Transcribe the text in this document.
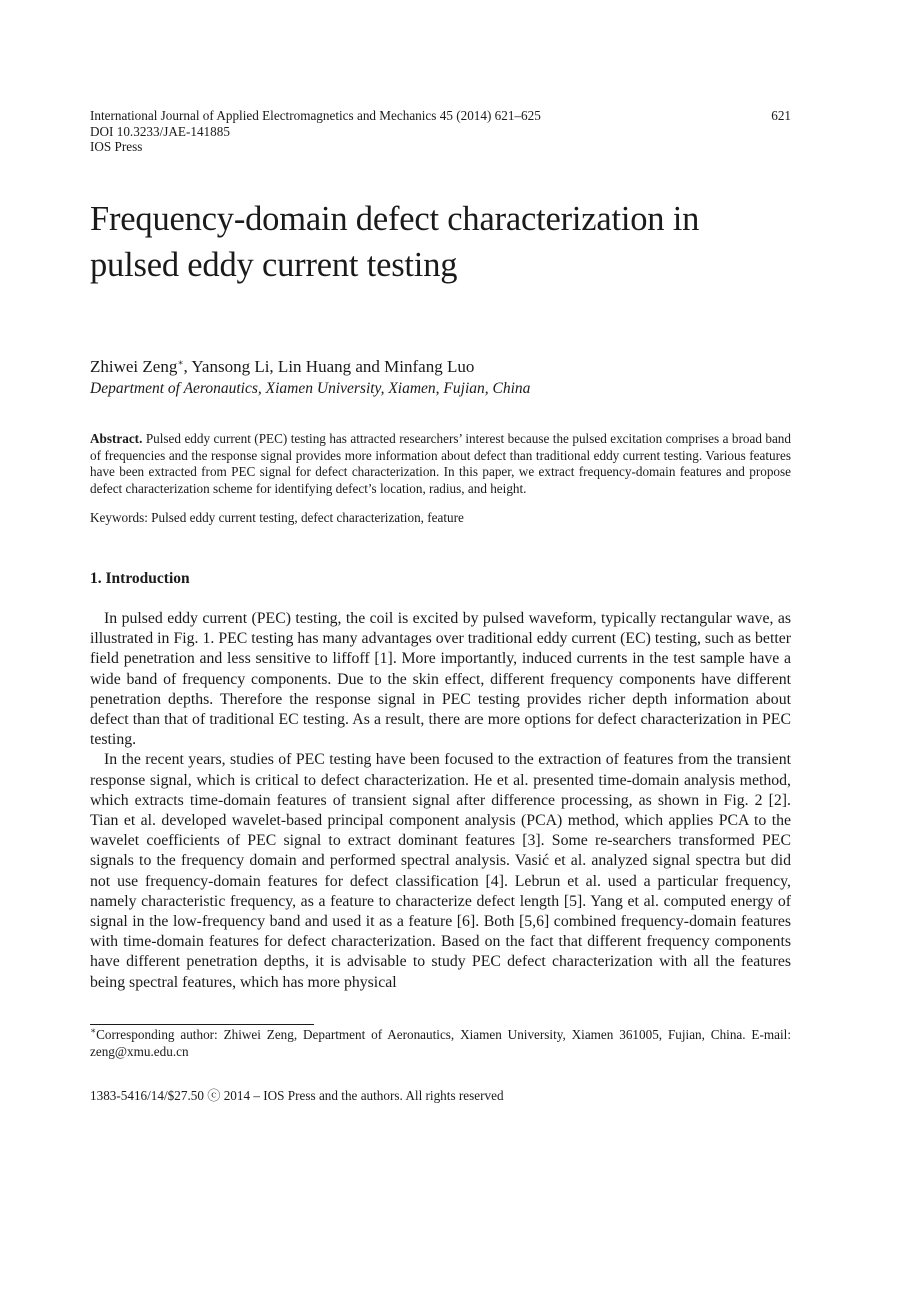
International Journal of Applied Electromagnetics and Mechanics 45 (2014) 621–625	621
DOI 10.3233/JAE-141885
IOS Press
Frequency-domain defect characterization in pulsed eddy current testing
Zhiwei Zeng∗, Yansong Li, Lin Huang and Minfang Luo
Department of Aeronautics, Xiamen University, Xiamen, Fujian, China

Abstract. Pulsed eddy current (PEC) testing has attracted researchers’ interest because the pulsed excitation comprises a broad band of frequencies and the response signal provides more information about defect than traditional eddy current testing. Various features have been extracted from PEC signal for defect characterization. In this paper, we extract frequency-domain features and propose defect characterization scheme for identifying defect’s location, radius, and height.

Keywords: Pulsed eddy current testing, defect characterization, feature
1. Introduction

In pulsed eddy current (PEC) testing, the coil is excited by pulsed waveform, typically rectangular wave, as illustrated in Fig. 1. PEC testing has many advantages over traditional eddy current (EC) testing, such as better field penetration and less sensitive to liffoff [1]. More importantly, induced currents in the test sample have a wide band of frequency components. Due to the skin effect, different frequency components have different penetration depths. Therefore the response signal in PEC testing provides richer depth information about defect than that of traditional EC testing. As a result, there are more options for defect characterization in PEC testing.

In the recent years, studies of PEC testing have been focused to the extraction of features from the transient response signal, which is critical to defect characterization. He et al. presented time-domain analysis method, which extracts time-domain features of transient signal after difference processing, as shown in Fig. 2 [2]. Tian et al. developed wavelet-based principal component analysis (PCA) method, which applies PCA to the wavelet coefficients of PEC signal to extract dominant features [3]. Some re-searchers transformed PEC signals to the frequency domain and performed spectral analysis. Vasić et al. analyzed signal spectra but did not use frequency-domain features for defect classification [4]. Lebrun et al. used a particular frequency, namely characteristic frequency, as a feature to characterize defect length [5]. Yang et al. computed energy of signal in the low-frequency band and used it as a feature [6]. Both [5,6] combined frequency-domain features with time-domain features for defect characterization. Based on the fact that different frequency components have different penetration depths, it is advisable to study PEC defect characterization with all the features being spectral features, which has more physical

∗Corresponding author: Zhiwei Zeng, Department of Aeronautics, Xiamen University, Xiamen 361005, Fujian, China. E-mail: zeng@xmu.edu.cn

1383-5416/14/$27.50 ⓒ 2014 – IOS Press and the authors. All rights reserved
